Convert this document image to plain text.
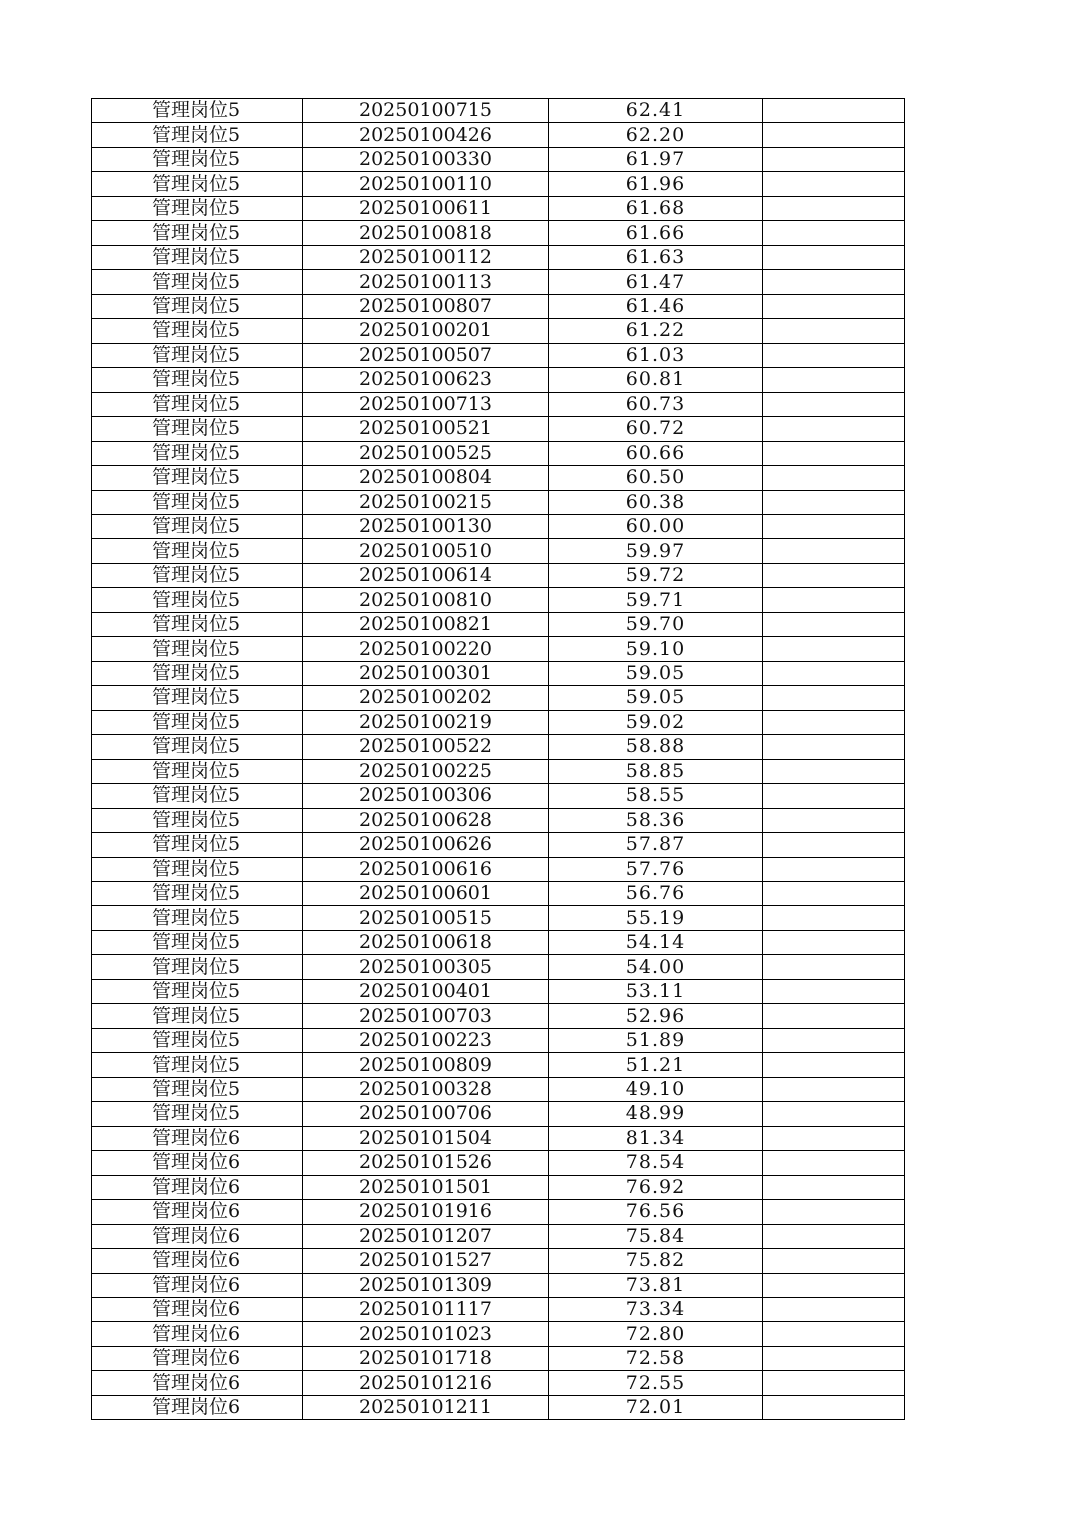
管理岗位5	20250100715	62.41	
管理岗位5	20250100426	62.20	
管理岗位5	20250100330	61.97	
管理岗位5	20250100110	61.96	
管理岗位5	20250100611	61.68	
管理岗位5	20250100818	61.66	
管理岗位5	20250100112	61.63	
管理岗位5	20250100113	61.47	
管理岗位5	20250100807	61.46	
管理岗位5	20250100201	61.22	
管理岗位5	20250100507	61.03	
管理岗位5	20250100623	60.81	
管理岗位5	20250100713	60.73	
管理岗位5	20250100521	60.72	
管理岗位5	20250100525	60.66	
管理岗位5	20250100804	60.50	
管理岗位5	20250100215	60.38	
管理岗位5	20250100130	60.00	
管理岗位5	20250100510	59.97	
管理岗位5	20250100614	59.72	
管理岗位5	20250100810	59.71	
管理岗位5	20250100821	59.70	
管理岗位5	20250100220	59.10	
管理岗位5	20250100301	59.05	
管理岗位5	20250100202	59.05	
管理岗位5	20250100219	59.02	
管理岗位5	20250100522	58.88	
管理岗位5	20250100225	58.85	
管理岗位5	20250100306	58.55	
管理岗位5	20250100628	58.36	
管理岗位5	20250100626	57.87	
管理岗位5	20250100616	57.76	
管理岗位5	20250100601	56.76	
管理岗位5	20250100515	55.19	
管理岗位5	20250100618	54.14	
管理岗位5	20250100305	54.00	
管理岗位5	20250100401	53.11	
管理岗位5	20250100703	52.96	
管理岗位5	20250100223	51.89	
管理岗位5	20250100809	51.21	
管理岗位5	20250100328	49.10	
管理岗位5	20250100706	48.99	
管理岗位6	20250101504	81.34	
管理岗位6	20250101526	78.54	
管理岗位6	20250101501	76.92	
管理岗位6	20250101916	76.56	
管理岗位6	20250101207	75.84	
管理岗位6	20250101527	75.82	
管理岗位6	20250101309	73.81	
管理岗位6	20250101117	73.34	
管理岗位6	20250101023	72.80	
管理岗位6	20250101718	72.58	
管理岗位6	20250101216	72.55	
管理岗位6	20250101211	72.01	
